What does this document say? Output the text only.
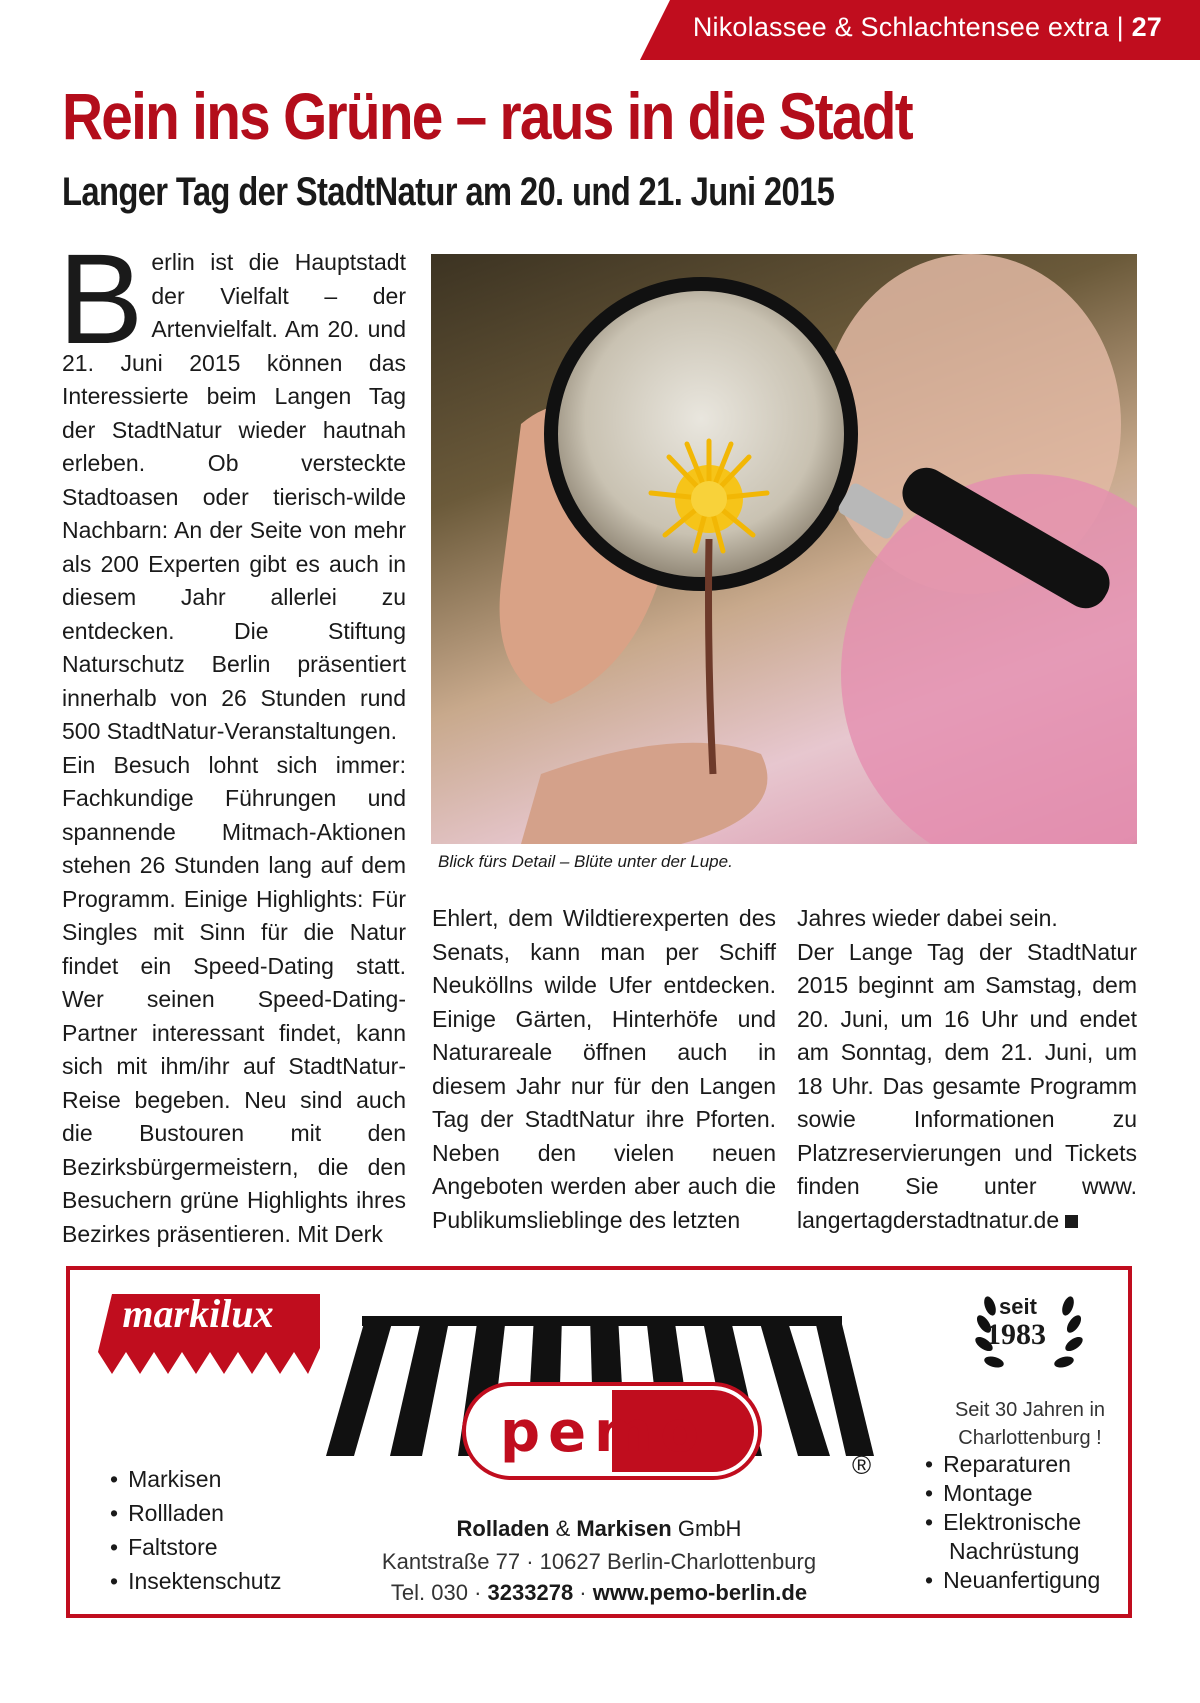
Nikolassee & Schlachtensee extra | 27
Rein ins Grüne – raus in die Stadt
Langer Tag der StadtNatur am 20. und 21. Juni 2015

Berlin ist die Hauptstadt der Vielfalt – der Artenvielfalt. Am 20. und 21. Juni 2015 können das Interessierte beim Langen Tag der StadtNatur wieder hautnah erleben. Ob versteckte Stadtoasen oder tierisch-wilde Nachbarn: An der Seite von mehr als 200 Experten gibt es auch in diesem Jahr allerlei zu entdecken. Die Stiftung Naturschutz Berlin präsentiert innerhalb von 26 Stunden rund 500 StadtNatur-Veranstaltungen.

Ein Besuch lohnt sich immer: Fachkundige Führungen und spannende Mitmach-Aktionen stehen 26 Stunden lang auf dem Programm. Einige Highlights: Für Singles mit Sinn für die Natur findet ein Speed-Dating statt. Wer seinen Speed-Dating-Partner interessant findet, kann sich mit ihm/ihr auf StadtNatur-Reise begeben. Neu sind auch die Bustouren mit den Bezirksbürgermeistern, die den Besuchern grüne Highlights ihres Bezirkes präsentieren. Mit Derk

Blick fürs Detail – Blüte unter der Lupe.

Ehlert, dem Wildtierexperten des Senats, kann man per Schiff Neuköllns wilde Ufer entdecken. Einige Gärten, Hinterhöfe und Naturareale öffnen auch in diesem Jahr nur für den Langen Tag der StadtNatur ihre Pforten. Neben den vielen neuen Angeboten werden aber auch die Publikumslieblinge des letzten

Jahres wieder dabei sein.

Der Lange Tag der StadtNatur 2015 beginnt am Samstag, dem 20. Juni, um 16 Uhr und endet am Sonntag, dem 21. Juni, um 18 Uhr. Das gesamte Programm sowie Informationen zu Platzreservierungen und Tickets finden Sie unter www. langertagderstadtnatur.de

markilux
• Markisen
• Rollladen
• Faltstore
• Insektenschutz
pemo	®
Rolladen & Markisen GmbH
Kantstraße 77 · 10627 Berlin-Charlottenburg
Tel. 030 · 3233278 · www.pemo-berlin.de
seit
1983
Seit 30 Jahren in
Charlottenburg !
• Reparaturen
• Montage
• Elektronische
Nachrüstung
• Neuanfertigung
